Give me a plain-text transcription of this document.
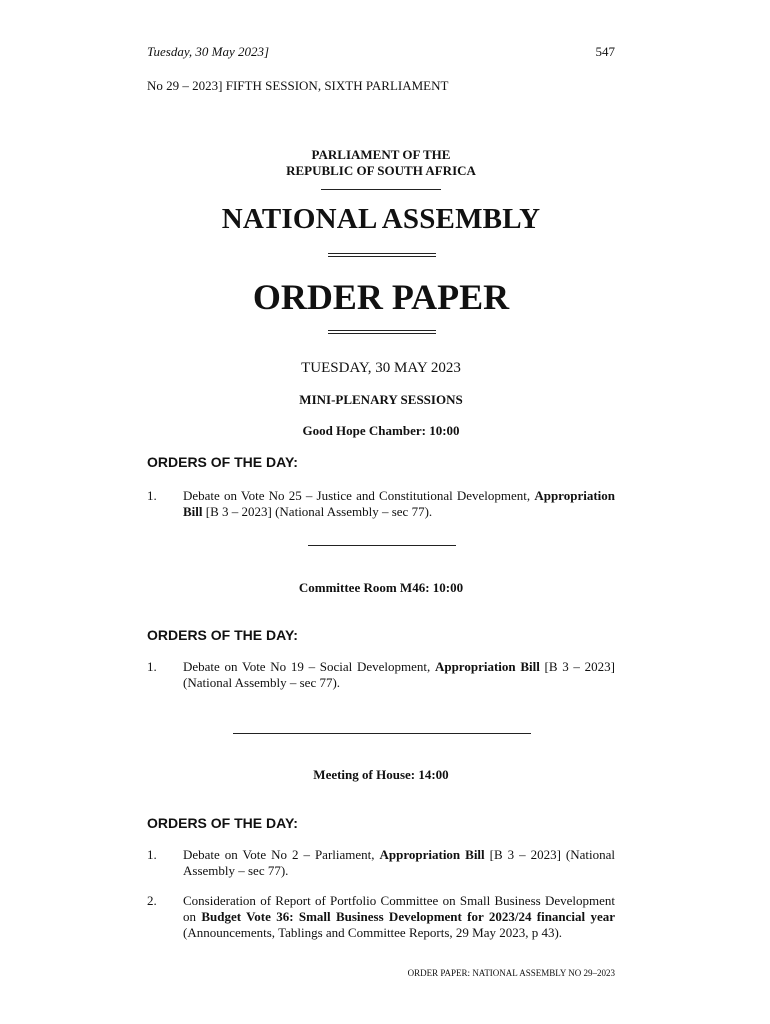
Tuesday, 30 May 2023]	547
No 29 – 2023] FIFTH SESSION, SIXTH PARLIAMENT
PARLIAMENT OF THE
REPUBLIC OF SOUTH AFRICA
NATIONAL ASSEMBLY
ORDER PAPER
TUESDAY, 30 MAY 2023
MINI-PLENARY SESSIONS
Good Hope Chamber: 10:00
ORDERS OF THE DAY:
1. Debate on Vote No 25 – Justice and Constitutional Development, Appropriation Bill [B 3 – 2023] (National Assembly – sec 77).
Committee Room M46: 10:00
ORDERS OF THE DAY:
1. Debate on Vote No 19 – Social Development, Appropriation Bill [B 3 – 2023] (National Assembly – sec 77).
Meeting of House: 14:00
ORDERS OF THE DAY:
1. Debate on Vote No 2 – Parliament, Appropriation Bill [B 3 – 2023] (National Assembly – sec 77).
2. Consideration of Report of Portfolio Committee on Small Business Development on Budget Vote 36: Small Business Development for 2023/24 financial year (Announcements, Tablings and Committee Reports, 29 May 2023, p 43).
ORDER PAPER: NATIONAL ASSEMBLY NO 29–2023
